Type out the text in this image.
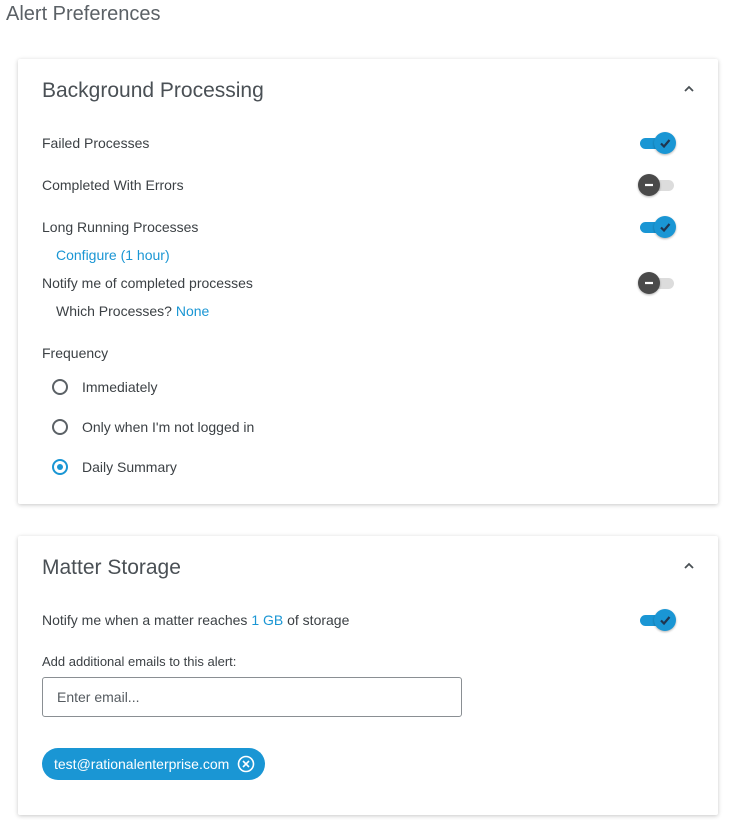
Alert Preferences
Background Processing
Failed Processes
Completed With Errors
Long Running Processes
Configure (1 hour)
Notify me of completed processes
Which Processes? None
Frequency
Immediately
Only when I'm not logged in
Daily Summary
Matter Storage
Notify me when a matter reaches 1 GB of storage
Add additional emails to this alert:
Enter email...
test@rationalenterprise.com
